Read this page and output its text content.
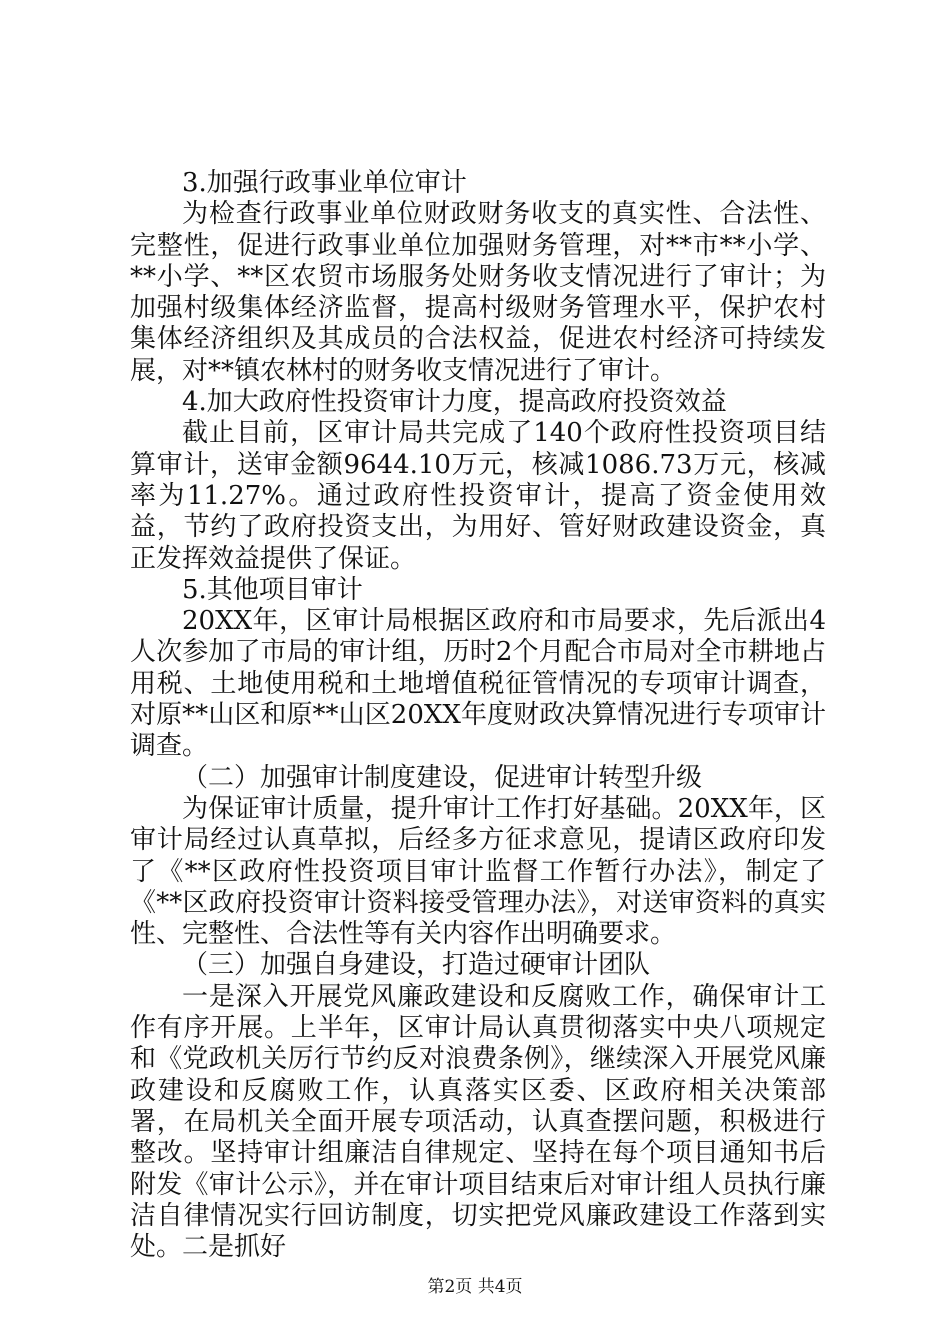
3.加强行政事业单位审计

为检查行政事业单位财政财务收支的真实性、合法性、完整性，促进行政事业单位加强财务管理，对**市**小学、**小学、**区农贸市场服务处财务收支情况进行了审计；为加强村级集体经济监督，提高村级财务管理水平，保护农村集体经济组织及其成员的合法权益，促进农村经济可持续发展，对**镇农林村的财务收支情况进行了审计。

4.加大政府性投资审计力度，提高政府投资效益

截止目前，区审计局共完成了140个政府性投资项目结算审计，送审金额9644.10万元，核减1086.73万元，核减率为11.27%。通过政府性投资审计，提高了资金使用效益，节约了政府投资支出，为用好、管好财政建设资金，真正发挥效益提供了保证。

5.其他项目审计

20XX年，区审计局根据区政府和市局要求，先后派出4人次参加了市局的审计组，历时2个月配合市局对全市耕地占用税、土地使用税和土地增值税征管情况的专项审计调查，对原**山区和原**山区20XX年度财政决算情况进行专项审计调查。

（二）加强审计制度建设，促进审计转型升级

为保证审计质量，提升审计工作打好基础。20XX年，区审计局经过认真草拟，后经多方征求意见，提请区政府印发了《**区政府性投资项目审计监督工作暂行办法》，制定了《**区政府投资审计资料接受管理办法》，对送审资料的真实性、完整性、合法性等有关内容作出明确要求。

（三）加强自身建设，打造过硬审计团队

一是深入开展党风廉政建设和反腐败工作，确保审计工作有序开展。上半年，区审计局认真贯彻落实中央八项规定和《党政机关厉行节约反对浪费条例》，继续深入开展党风廉政建设和反腐败工作，认真落实区委、区政府相关决策部署，在局机关全面开展专项活动，认真查摆问题，积极进行整改。坚持审计组廉洁自律规定、坚持在每个项目通知书后附发《审计公示》，并在审计项目结束后对审计组人员执行廉洁自律情况实行回访制度，切实把党风廉政建设工作落到实处。二是抓好

第2页 共4页
